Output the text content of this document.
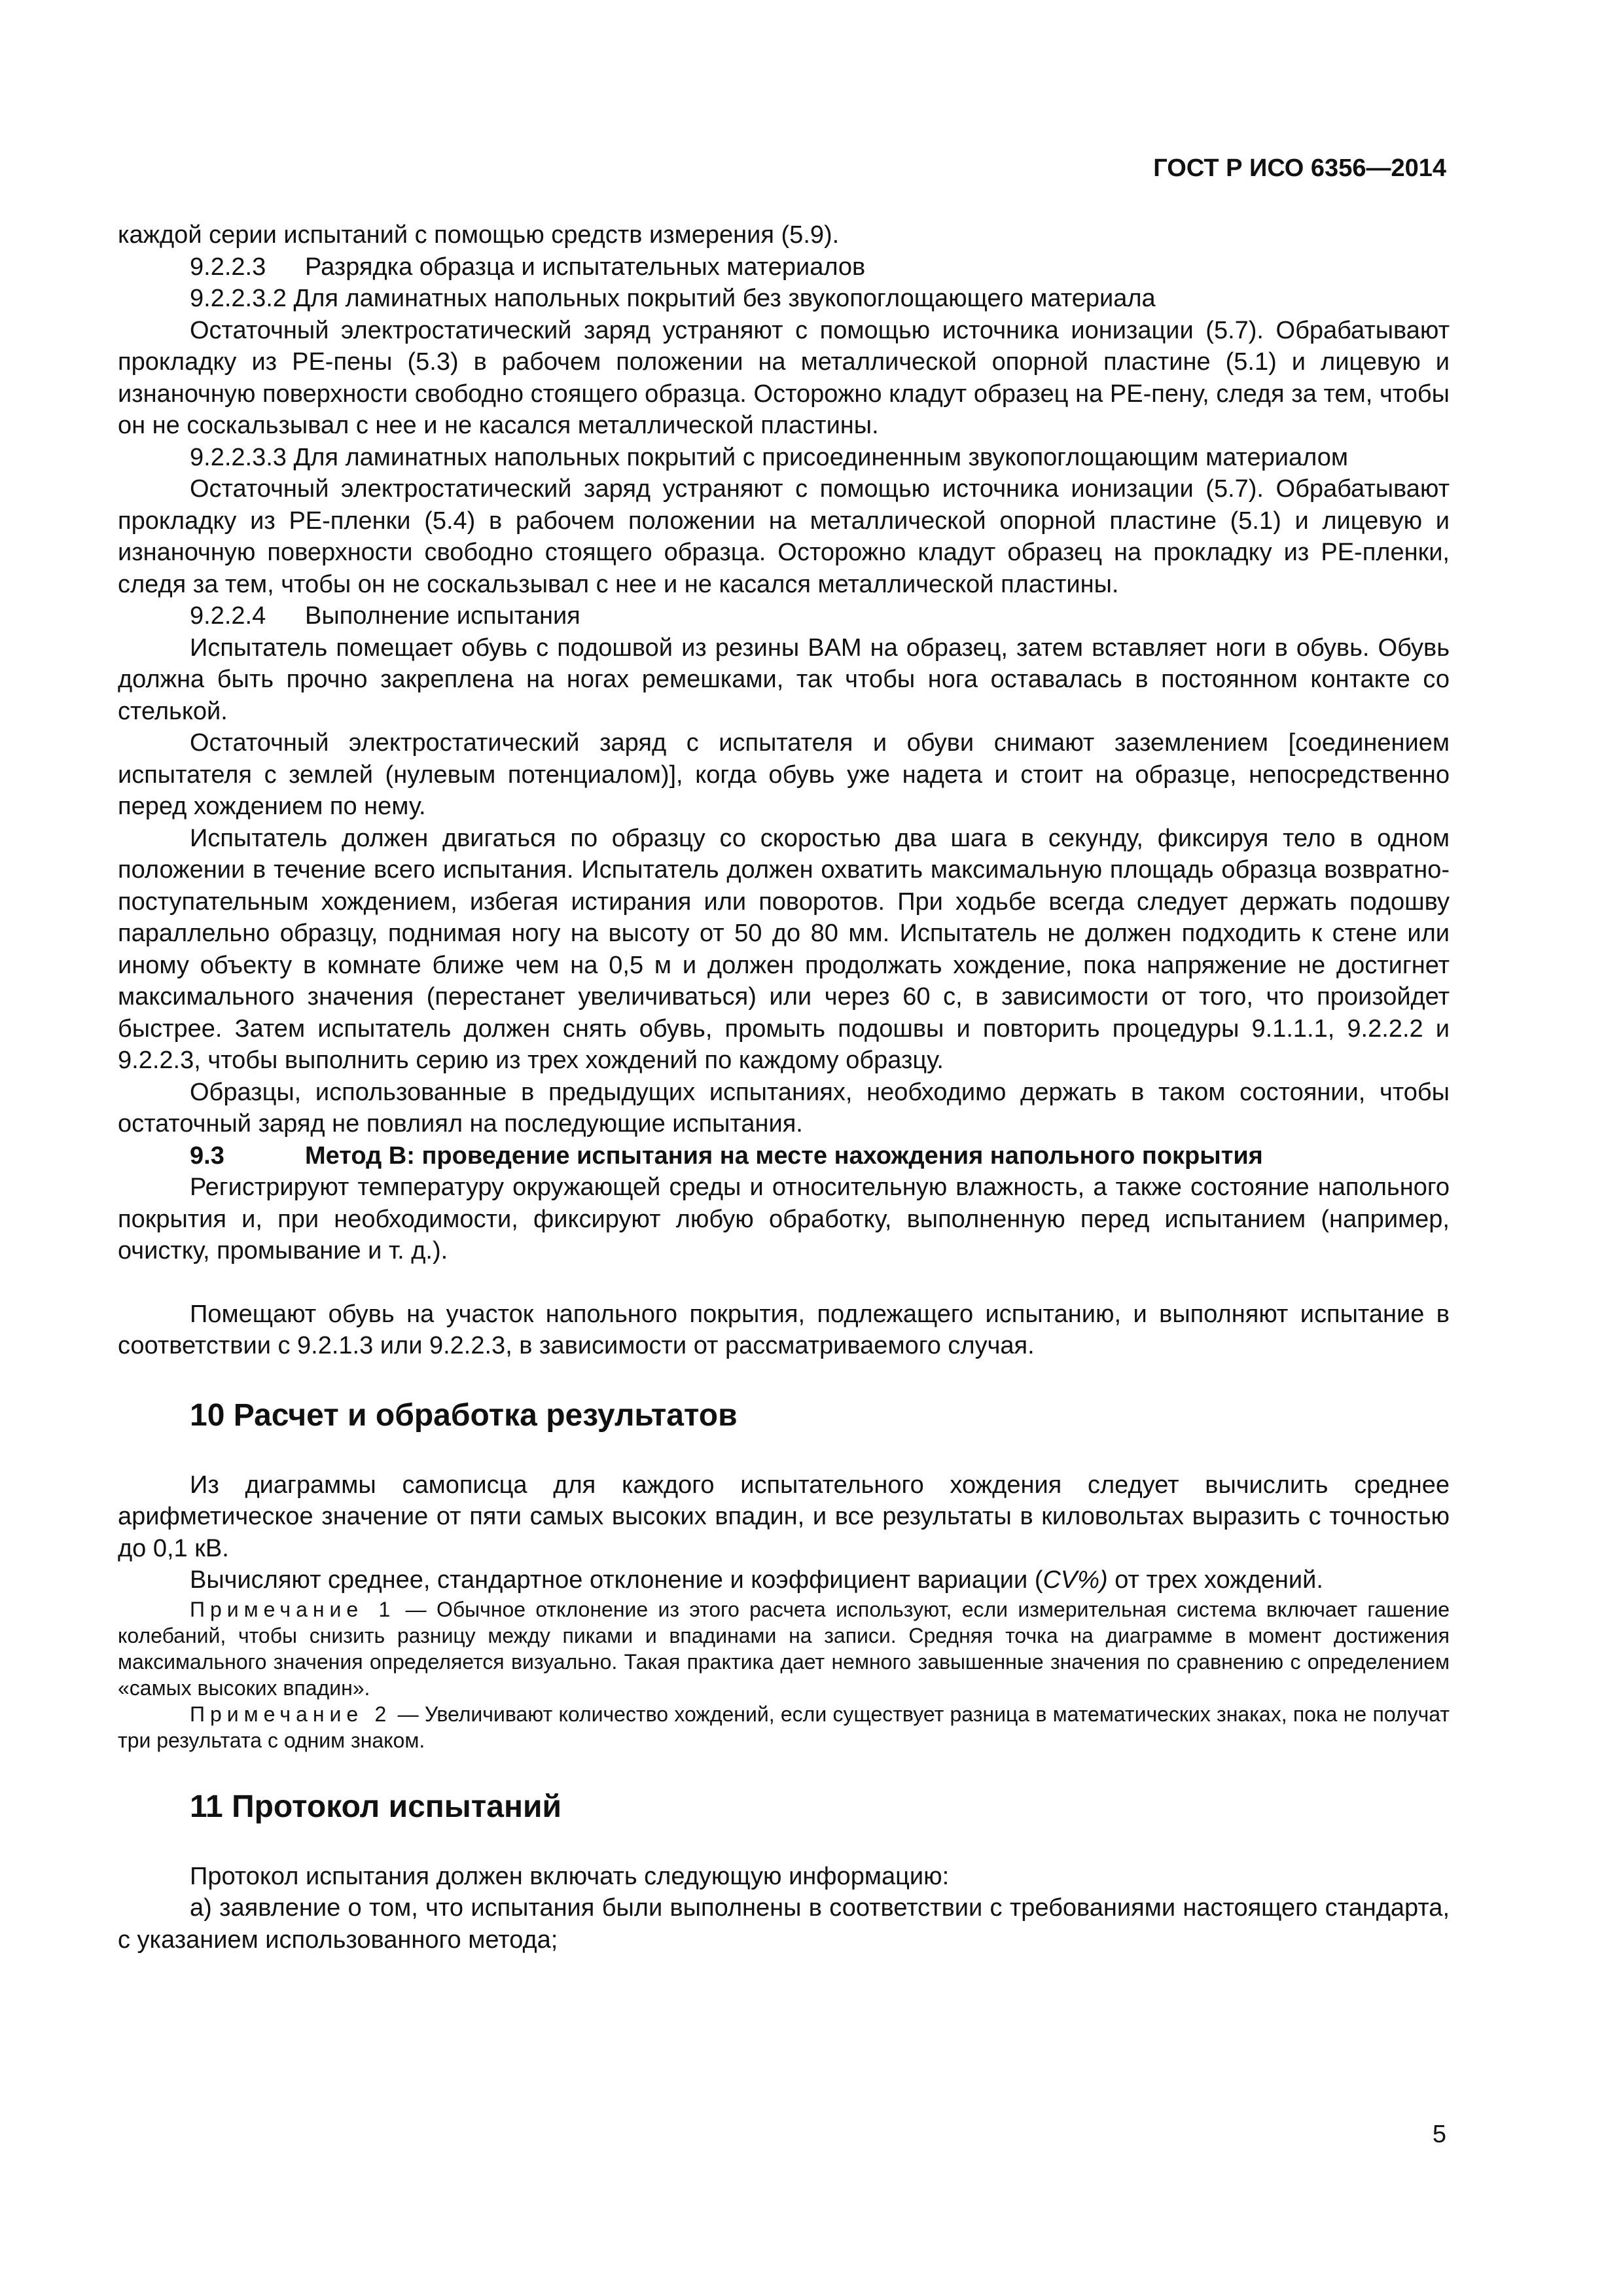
ГОСТ Р ИСО 6356—2014

каждой серии испытаний с помощью средств измерения (5.9).

9.2.2.3 Разрядка образца и испытательных материалов

9.2.2.3.2 Для ламинатных напольных покрытий без звукопоглощающего материала

Остаточный электростатический заряд устраняют с помощью источника ионизации (5.7). Обрабатывают прокладку из PE-пены (5.3) в рабочем положении на металлической опорной пластине (5.1) и лицевую и изнаночную поверхности свободно стоящего образца. Осторожно кладут образец на PE-пену, следя за тем, чтобы он не соскальзывал с нее и не касался металлической пластины.

9.2.2.3.3 Для ламинатных напольных покрытий с присоединенным звукопоглощающим материалом

Остаточный электростатический заряд устраняют с помощью источника ионизации (5.7). Обрабатывают прокладку из PE-пленки (5.4) в рабочем положении на металлической опорной пластине (5.1) и лицевую и изнаночную поверхности свободно стоящего образца. Осторожно кладут образец на прокладку из PE-пленки, следя за тем, чтобы он не соскальзывал с нее и не касался металлической пластины.

9.2.2.4 Выполнение испытания

Испытатель помещает обувь с подошвой из резины BAM на образец, затем вставляет ноги в обувь. Обувь должна быть прочно закреплена на ногах ремешками, так чтобы нога оставалась в постоянном контакте со стелькой.

Остаточный электростатический заряд с испытателя и обуви снимают заземлением [соединением испытателя с землей (нулевым потенциалом)], когда обувь уже надета и стоит на образце, непосредственно перед хождением по нему.

Испытатель должен двигаться по образцу со скоростью два шага в секунду, фиксируя тело в одном положении в течение всего испытания. Испытатель должен охватить максимальную площадь образца возвратно-поступательным хождением, избегая истирания или поворотов. При ходьбе всегда следует держать подошву параллельно образцу, поднимая ногу на высоту от 50 до 80 мм. Испытатель не должен подходить к стене или иному объекту в комнате ближе чем на 0,5 м и должен продолжать хождение, пока напряжение не достигнет максимального значения (перестанет увеличиваться) или через 60 с, в зависимости от того, что произойдет быстрее. Затем испытатель должен снять обувь, промыть подошвы и повторить процедуры 9.1.1.1, 9.2.2.2 и 9.2.2.3, чтобы выполнить серию из трех хождений по каждому образцу.

Образцы, использованные в предыдущих испытаниях, необходимо держать в таком состоянии, чтобы остаточный заряд не повлиял на последующие испытания.

9.3	Метод В: проведение испытания на месте нахождения напольного покрытия

Регистрируют температуру окружающей среды и относительную влажность, а также состояние напольного покрытия и, при необходимости, фиксируют любую обработку, выполненную перед испытанием (например, очистку, промывание и т. д.).

Помещают обувь на участок напольного покрытия, подлежащего испытанию, и выполняют испытание в соответствии с 9.2.1.3 или 9.2.2.3, в зависимости от рассматриваемого случая.

10 Расчет и обработка результатов

Из диаграммы самописца для каждого испытательного хождения следует вычислить среднее арифметическое значение от пяти самых высоких впадин, и все результаты в киловольтах выразить с точностью до 0,1 кВ.

Вычисляют среднее, стандартное отклонение и коэффициент вариации (CV%) от трех хождений.

Примечание 1 — Обычное отклонение из этого расчета используют, если измерительная система включает гашение колебаний, чтобы снизить разницу между пиками и впадинами на записи. Средняя точка на диаграмме в момент достижения максимального значения определяется визуально. Такая практика дает немного завышенные значения по сравнению с определением «самых высоких впадин».

Примечание 2 — Увеличивают количество хождений, если существует разница в математических знаках, пока не получат три результата с одним знаком.

11 Протокол испытаний

Протокол испытания должен включать следующую информацию:

а) заявление о том, что испытания были выполнены в соответствии с требованиями настоящего стандарта, с указанием использованного метода;

5
